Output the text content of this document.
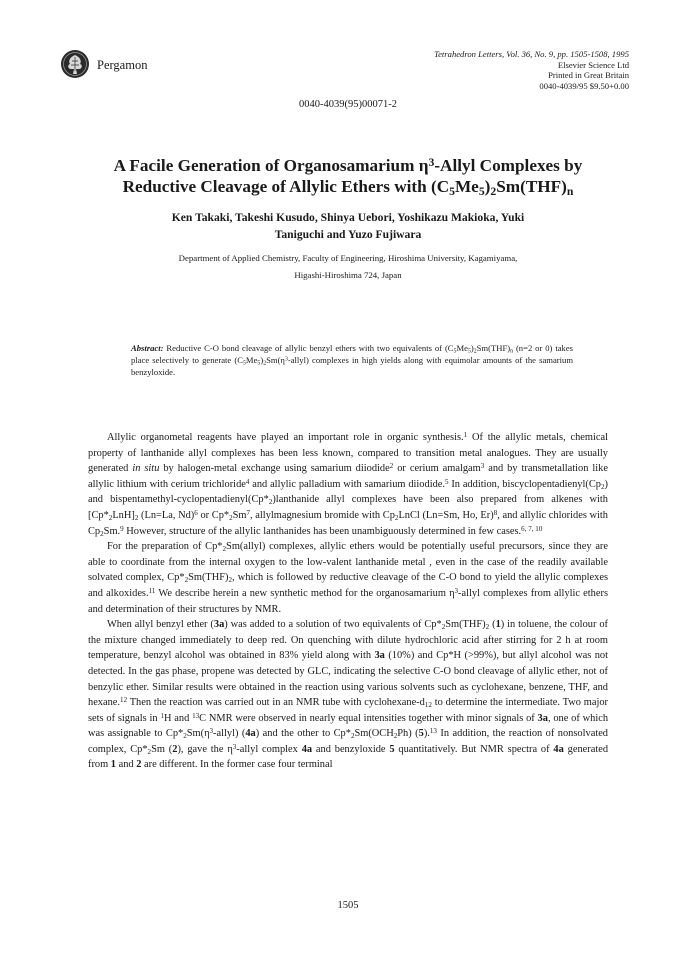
Pergamon
Tetrahedron Letters, Vol. 36, No. 9, pp. 1505-1508, 1995
Elsevier Science Ltd
Printed in Great Britain
0040-4039/95 $9.50+0.00
0040-4039(95)00071-2
A Facile Generation of Organosamarium $\eta^3$-Allyl Complexes by
Reductive Cleavage of Allylic Ethers with $(C_5Me_5)_2Sm(THF)_n$
Ken Takaki, Takeshi Kusudo, Shinya Uebori, Yoshikazu Makioka, Yuki
Taniguchi and Yuzo Fujiwara
Department of Applied Chemistry, Faculty of Engineering, Hiroshima University, Kagamiyama,
Higashi-Hiroshima 724, Japan
Abstract: Reductive C-O bond cleavage of allylic benzyl ethers with two equivalents of $(C_5Me_5)_2Sm(THF)_n$ (n=2 or 0) takes place selectively to generate $(C_5Me_5)_2Sm(\eta^3-allyl)$ complexes in high yields along with equimolar amounts of the samarium benzyloxide.

Allylic organometal reagents have played an important role in organic synthesis.$^1$ Of the allylic metals, chemical property of lanthanide allyl complexes has been less known, compared to transition metal analogues. They are usually generated in situ by halogen-metal exchange using samarium diiodide$^2$ or cerium amalgam$^3$ and by transmetallation like allylic lithium with cerium trichloride$^4$ and allylic palladium with samarium diiodide.$^5$ In addition, $biscyclopentadienyl(Cp_2)$ and bispentamethyl-$cyclopentadienyl(Cp*_2)lanthanide$ allyl complexes have been also prepared from alkenes with $[Cp*_2LnH]_2$ (Ln=La, Nd)$^6$ or $Cp*_2Sm^7$, allylmagnesium bromide with $Cp_2LnCl$ (Ln=Sm, Ho, Er)$^8$, and allylic chlorides with $Cp_2Sm.^9$ However, structure of the allylic lanthanides has been unambiguously determined in few cases.$^{6, 7, 10}$

For the preparation of $Cp*_2Sm(allyl)$ complexes, allylic ethers would be potentially useful precursors, since they are able to coordinate from the internal oxygen to the low-valent lanthanide metal , even in the case of the readily available solvated complex, $Cp*_2Sm(THF)_2$, which is followed by reductive cleavage of the C-O bond to yield the allylic complexes and alkoxides.$^{11}$ We describe herein a new synthetic method for the organosamarium $\eta^3$-allyl complexes from allylic ethers and determination of their structures by NMR.

When allyl benzyl ether (3a) was added to a solution of two equivalents of $Cp*_2Sm(THF)_2$ (1) in toluene, the colour of the mixture changed immediately to deep red. On quenching with dilute hydrochloric acid after stirring for 2 h at room temperature, benzyl alcohol was obtained in 83% yield along with 3a (10%) and Cp*H (>99%), but allyl alcohol was not detected. In the gas phase, propene was detected by GLC, indicating the selective C-O bond cleavage of allylic ether, not of benzylic ether. Similar results were obtained in the reaction using various solvents such as cyclohexane, benzene, THF, and hexane.$^{12}$ Then the reaction was carried out in an NMR tube with cyclohexane-$d_{12}$ to determine the intermediate. Two major sets of signals in $^1$H and $^{13}$C NMR were observed in nearly equal intensities together with minor signals of 3a, one of which was assignable to $Cp*_2Sm(\eta^3-allyl)$ (4a) and the other to $Cp*_2Sm(OCH_2Ph)$ (5).$^{13}$ In addition, the reaction of nonsolvated complex, $Cp*_2Sm$ (2), gave the $\eta^3$-allyl complex 4a and benzyloxide 5 quantitatively. But NMR spectra of 4a generated from 1 and 2 are different. In the former case four terminal

1505
